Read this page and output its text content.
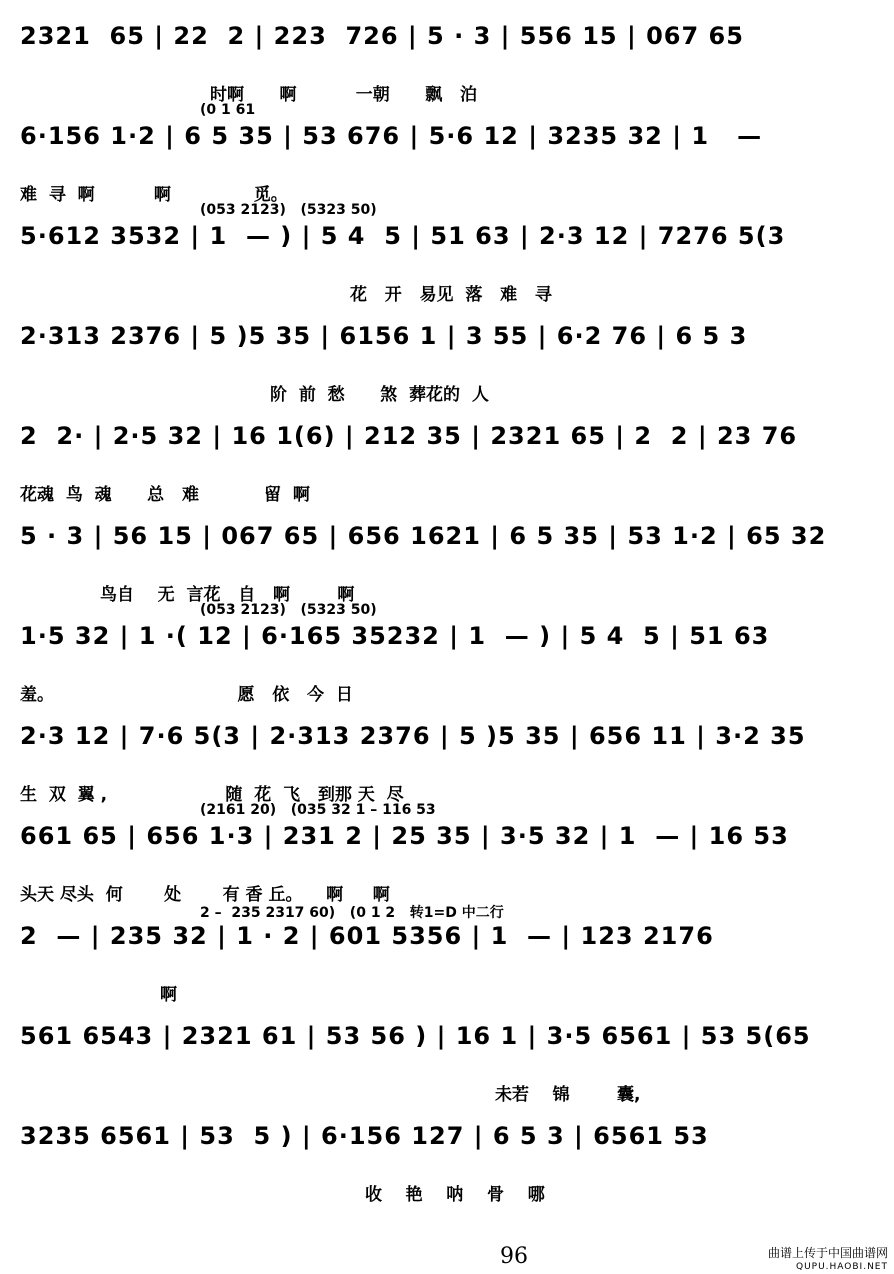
2321  65 | 22  2 | 223  726 | 5 · 3 | 556 15 | 067 65
时啊      啊          一朝      飘   泊
6·156 1·2 | 6 5 35 | 53 676 | 5·6 12 | 3235 32 | 1   —
难  寻  啊          啊              觅。
(0 1 61
5·612 3532 | 1  — ) | 5 4  5 | 51 63 | 2·3 12 | 7276 5(3
花   开   易见  落   难   寻
(053 2123)   (5323 50)
2·313 2376 | 5 )5 35 | 6156 1 | 3 55 | 6·2 76 | 6 5 3
阶  前  愁      煞  葬花的  人
2  2· | 2·5 32 | 16 1(6) | 212 35 | 2321 65 | 2  2 | 23 76
花魂  鸟  魂      总   难           留  啊
5 · 3 | 56 15 | 067 65 | 656 1621 | 6 5 35 | 53 1·2 | 65 32
鸟自    无  言花   自   啊        啊
1·5 32 | 1 ·( 12 | 6·165 35232 | 1  — ) | 5 4  5 | 51 63
羞。                               愿   依   今  日
(053 2123)   (5323 50)
2·3 12 | 7·6 5(3 | 2·313 2376 | 5 )5 35 | 656 11 | 3·2 35
生  双  翼 ,                    随  花  飞   到那 天  尽
661 65 | 656 1·3 | 231 2 | 25 35 | 3·5 32 | 1  — | 16 53
头天 尽头  何       处       有 香 丘。    啊     啊
(2161 20)   (035 32 1 – 116 53
2  — | 235 32 | 1 · 2 | 601 5356 | 1  — | 123 2176
啊
2 –  235 2317 60)   (0 1 2   转1=D 中二行
561 6543 | 2321 61 | 53 56 ) | 16 1 | 3·5 6561 | 53 5(65
未若    锦        囊,
3235 6561 | 53  5 ) | 6·156 127 | 6 5 3 | 6561 53
收    艳    呐    骨    哪
96	曲谱上传于中国曲谱网
QUPU.HAOBI.NET
